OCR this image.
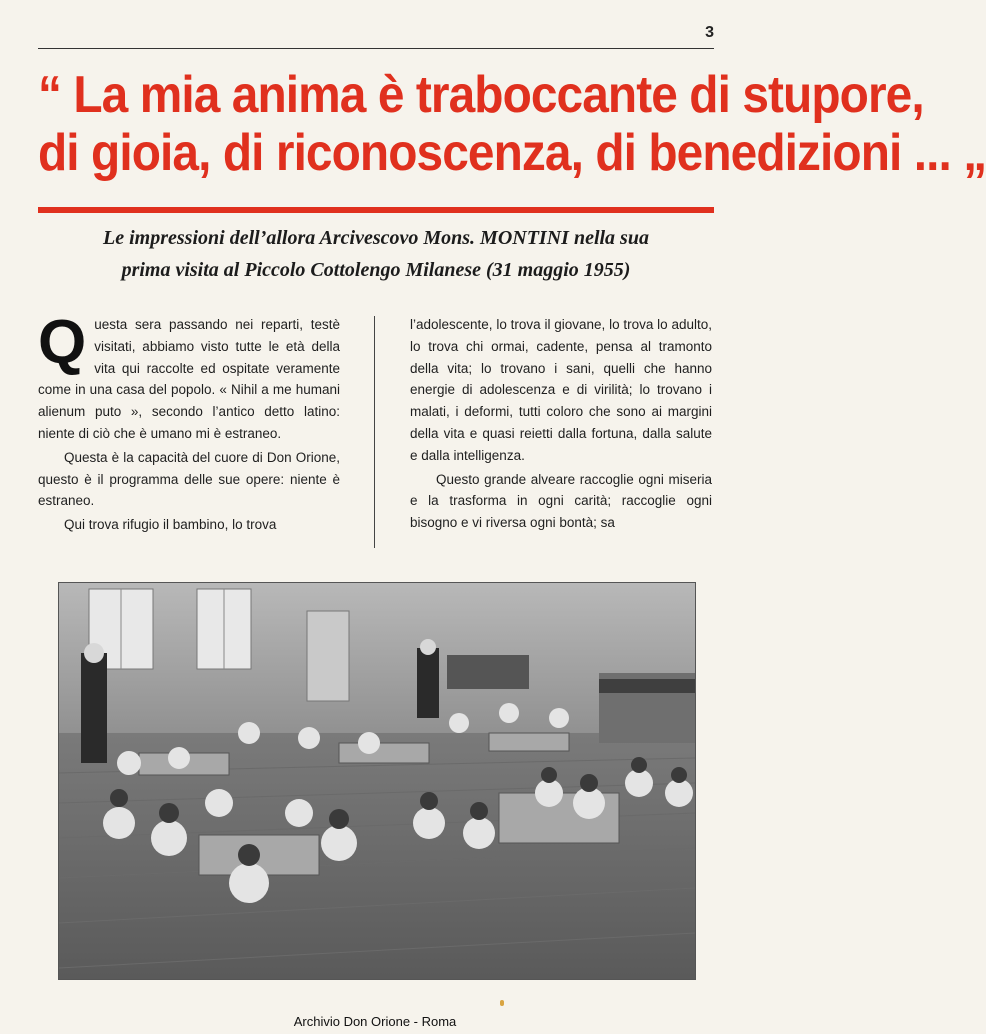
3
“ La mia anima è traboccante di stupore,
di gioia, di riconoscenza, di benedizioni ... „
Le impressioni dell’allora Arcivescovo Mons. MONTINI nella sua
prima visita al Piccolo Cottolengo Milanese (31 maggio 1955)
Q uesta sera passando nei reparti, testè visitati, abbiamo visto tutte le età della vita qui raccolte ed ospitate veramente come in una casa del popolo. « Nihil a me humani alienum puto », secondo l’antico detto latino: niente di ciò che è umano mi è estraneo.

Questa è la capacità del cuore di Don Orione, questo è il programma delle sue opere: niente è estraneo.

Qui trova rifugio il bambino, lo trova

l’adolescente, lo trova il giovane, lo trova lo adulto, lo trova chi ormai, cadente, pensa al tramonto della vita; lo trovano i sani, quelli che hanno energie di adolescenza e di virilità; lo trovano i malati, i deformi, tutti coloro che sono ai margini della vita e quasi reietti dalla fortuna, dalla salute e dalla intelligenza.

Questo grande alveare raccoglie ogni miseria e la trasforma in ogni carità; raccoglie ogni bisogno e vi riversa ogni bontà; sa

Archivio Don Orione - Roma
